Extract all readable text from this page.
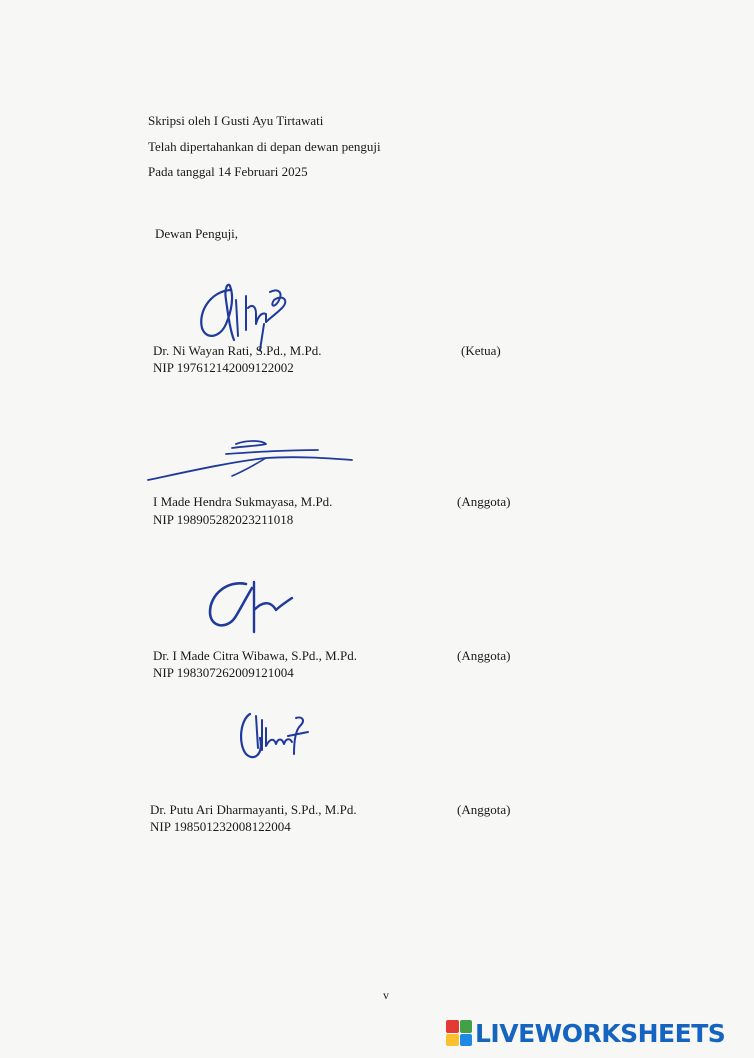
Skripsi oleh I Gusti Ayu Tirtawati
Telah dipertahankan di depan dewan penguji
Pada tanggal 14 Februari 2025
Dewan Penguji,
Dr. Ni Wayan Rati, S.Pd., M.Pd.
NIP 197612142009122002
(Ketua)
I Made Hendra Sukmayasa, M.Pd.
NIP 198905282023211018
(Anggota)
Dr. I Made Citra Wibawa, S.Pd., M.Pd.
NIP 198307262009121004
(Anggota)
Dr. Putu Ari Dharmayanti, S.Pd., M.Pd.
NIP 198501232008122004
(Anggota)
v
LIVEWORKSHEETS
